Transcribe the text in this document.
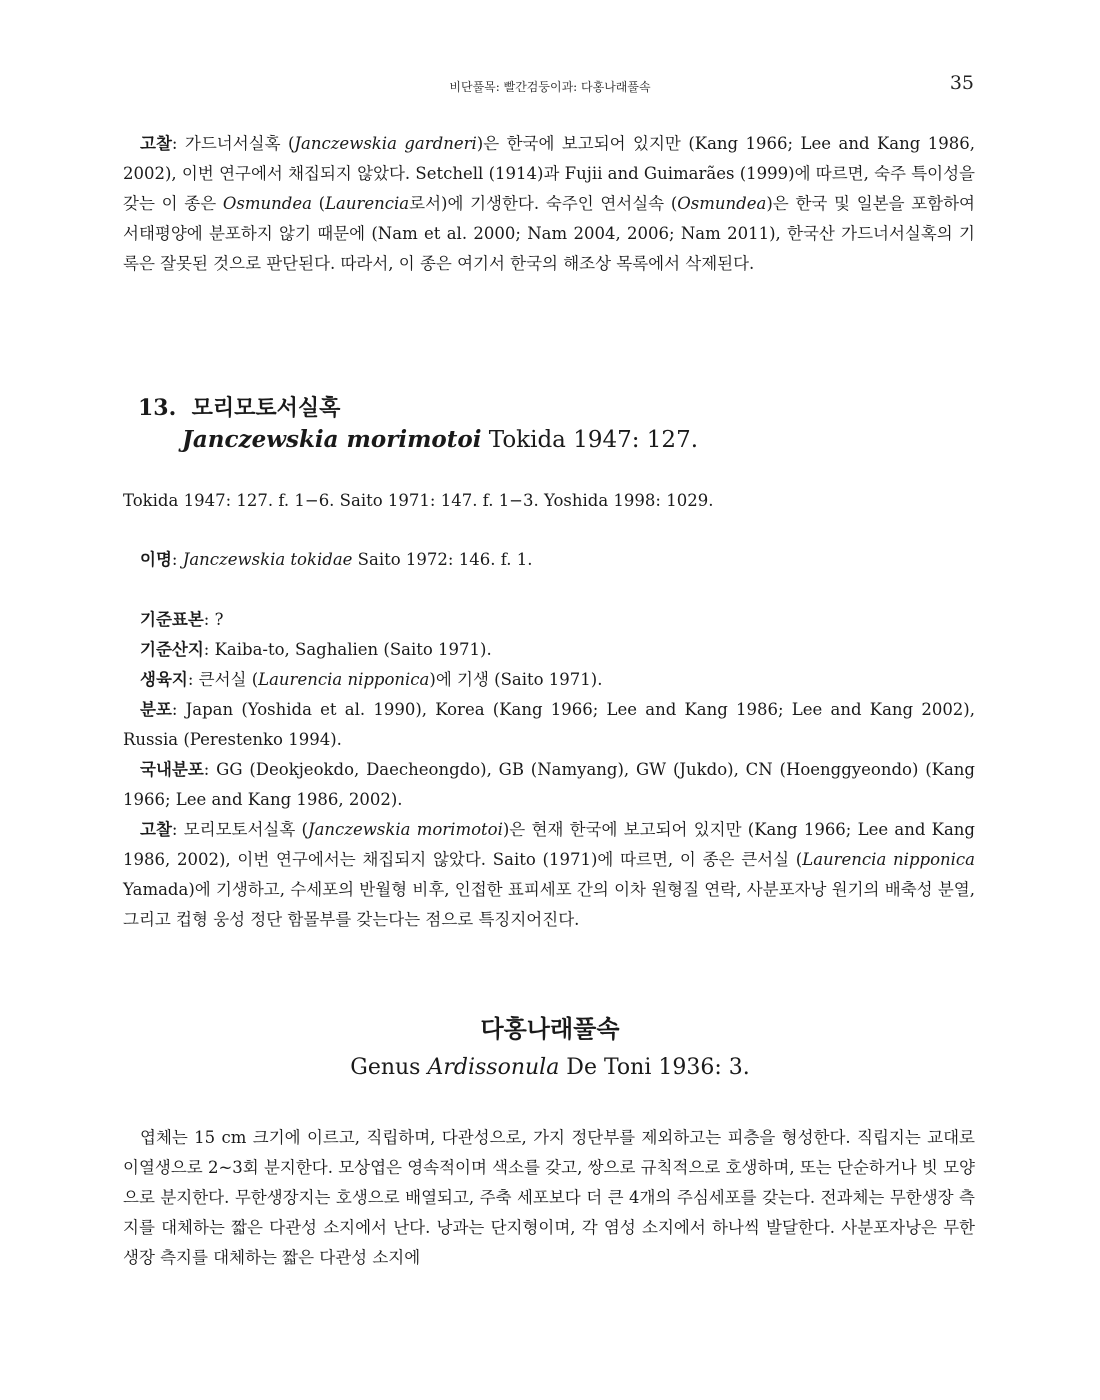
비단풀목: 빨간검둥이과: 다홍나래풀속	35

고찰: 가드너서실혹 (Janczewskia gardneri)은 한국에 보고되어 있지만 (Kang 1966; Lee and Kang 1986, 2002), 이번 연구에서 채집되지 않았다. Setchell (1914)과 Fujii and Guimarães (1999)에 따르면, 숙주 특이성을 갖는 이 종은 Osmundea (Laurencia로서)에 기생한다. 숙주인 연서실속 (Osmundea)은 한국 및 일본을 포함하여 서태평양에 분포하지 않기 때문에 (Nam et al. 2000; Nam 2004, 2006; Nam 2011), 한국산 가드너서실혹의 기록은 잘못된 것으로 판단된다. 따라서, 이 종은 여기서 한국의 해조상 목록에서 삭제된다.

13. 모리모토서실혹
Janczewskia morimotoi Tokida 1947: 127.

Tokida 1947: 127. f. 1−6. Saito 1971: 147. f. 1−3. Yoshida 1998: 1029.

이명: Janczewskia tokidae Saito 1972: 146. f. 1.

기준표본: ?

기준산지: Kaiba-to, Saghalien (Saito 1971).

생육지: 큰서실 (Laurencia nipponica)에 기생 (Saito 1971).

분포: Japan (Yoshida et al. 1990), Korea (Kang 1966; Lee and Kang 1986; Lee and Kang 2002), Russia (Perestenko 1994).

국내분포: GG (Deokjeokdo, Daecheongdo), GB (Namyang), GW (Jukdo), CN (Hoenggyeondo) (Kang 1966; Lee and Kang 1986, 2002).

고찰: 모리모토서실혹 (Janczewskia morimotoi)은 현재 한국에 보고되어 있지만 (Kang 1966; Lee and Kang 1986, 2002), 이번 연구에서는 채집되지 않았다. Saito (1971)에 따르면, 이 종은 큰서실 (Laurencia nipponica Yamada)에 기생하고, 수세포의 반월형 비후, 인접한 표피세포 간의 이차 원형질 연락, 사분포자낭 원기의 배축성 분열, 그리고 컵형 웅성 정단 함몰부를 갖는다는 점으로 특징지어진다.

다홍나래풀속
Genus Ardissonula De Toni 1936: 3.

엽체는 15 cm 크기에 이르고, 직립하며, 다관성으로, 가지 정단부를 제외하고는 피층을 형성한다. 직립지는 교대로 이열생으로 2~3회 분지한다. 모상엽은 영속적이며 색소를 갖고, 쌍으로 규칙적으로 호생하며, 또는 단순하거나 빗 모양으로 분지한다. 무한생장지는 호생으로 배열되고, 주축 세포보다 더 큰 4개의 주심세포를 갖는다. 전과체는 무한생장 측지를 대체하는 짧은 다관성 소지에서 난다. 낭과는 단지형이며, 각 염성 소지에서 하나씩 발달한다. 사분포자낭은 무한생장 측지를 대체하는 짧은 다관성 소지에
